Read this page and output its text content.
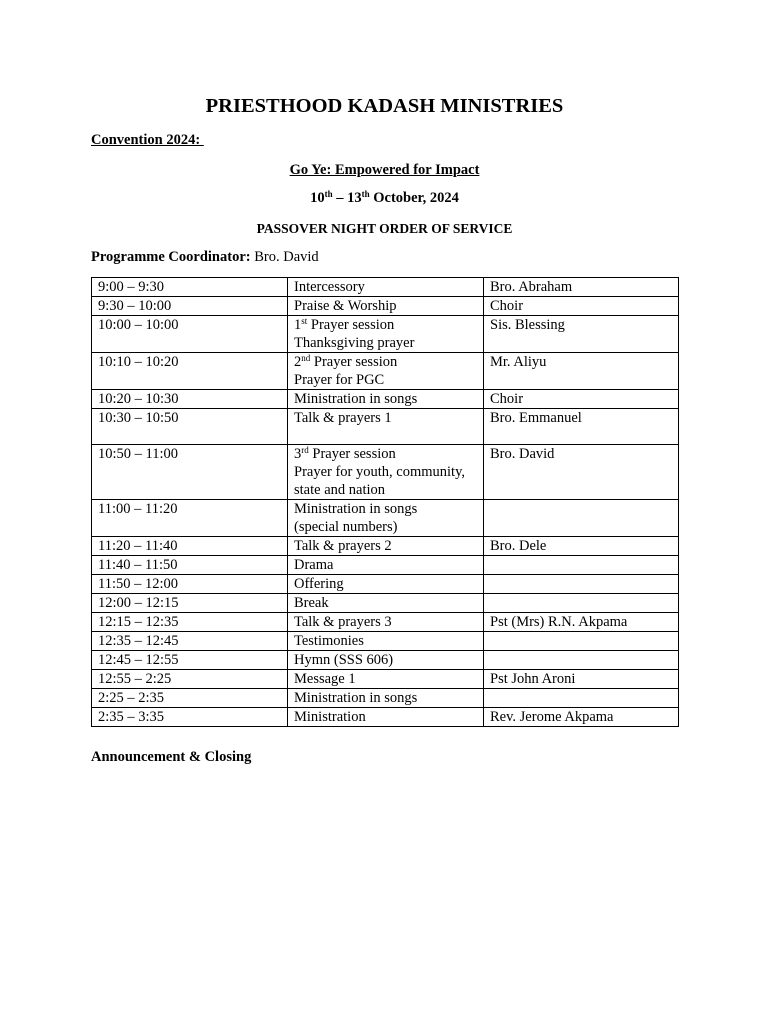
PRIESTHOOD KADASH MINISTRIES
Convention 2024:
Go Ye: Empowered for Impact
10th – 13th October, 2024
PASSOVER NIGHT ORDER OF SERVICE
Programme Coordinator: Bro. David
9:00 – 9:30	Intercessory	Bro. Abraham

9:30 – 10:00	Praise & Worship	Choir

10:00 – 10:00	1st Prayer session
Thanksgiving prayer	Sis. Blessing

10:10 – 10:20	2nd Prayer session
Prayer for PGC	Mr. Aliyu

10:20 – 10:30	Ministration in songs	Choir

10:30 – 10:50	Talk & prayers 1	Bro. Emmanuel

10:50 – 11:00	3rd Prayer session
Prayer for youth, community,
state and nation	Bro. David

11:00 – 11:20	Ministration in songs
(special numbers)	

11:20 – 11:40	Talk & prayers 2	Bro. Dele

11:40 – 11:50	Drama	

11:50 – 12:00	Offering	

12:00 – 12:15	Break	

12:15 – 12:35	Talk & prayers 3	Pst (Mrs) R.N. Akpama

12:35 – 12:45	Testimonies	

12:45 – 12:55	Hymn (SSS 606)	

12:55 – 2:25	Message 1	Pst John Aroni

2:25 – 2:35	Ministration in songs	

2:35 – 3:35	Ministration	Rev. Jerome Akpama
Announcement & Closing
